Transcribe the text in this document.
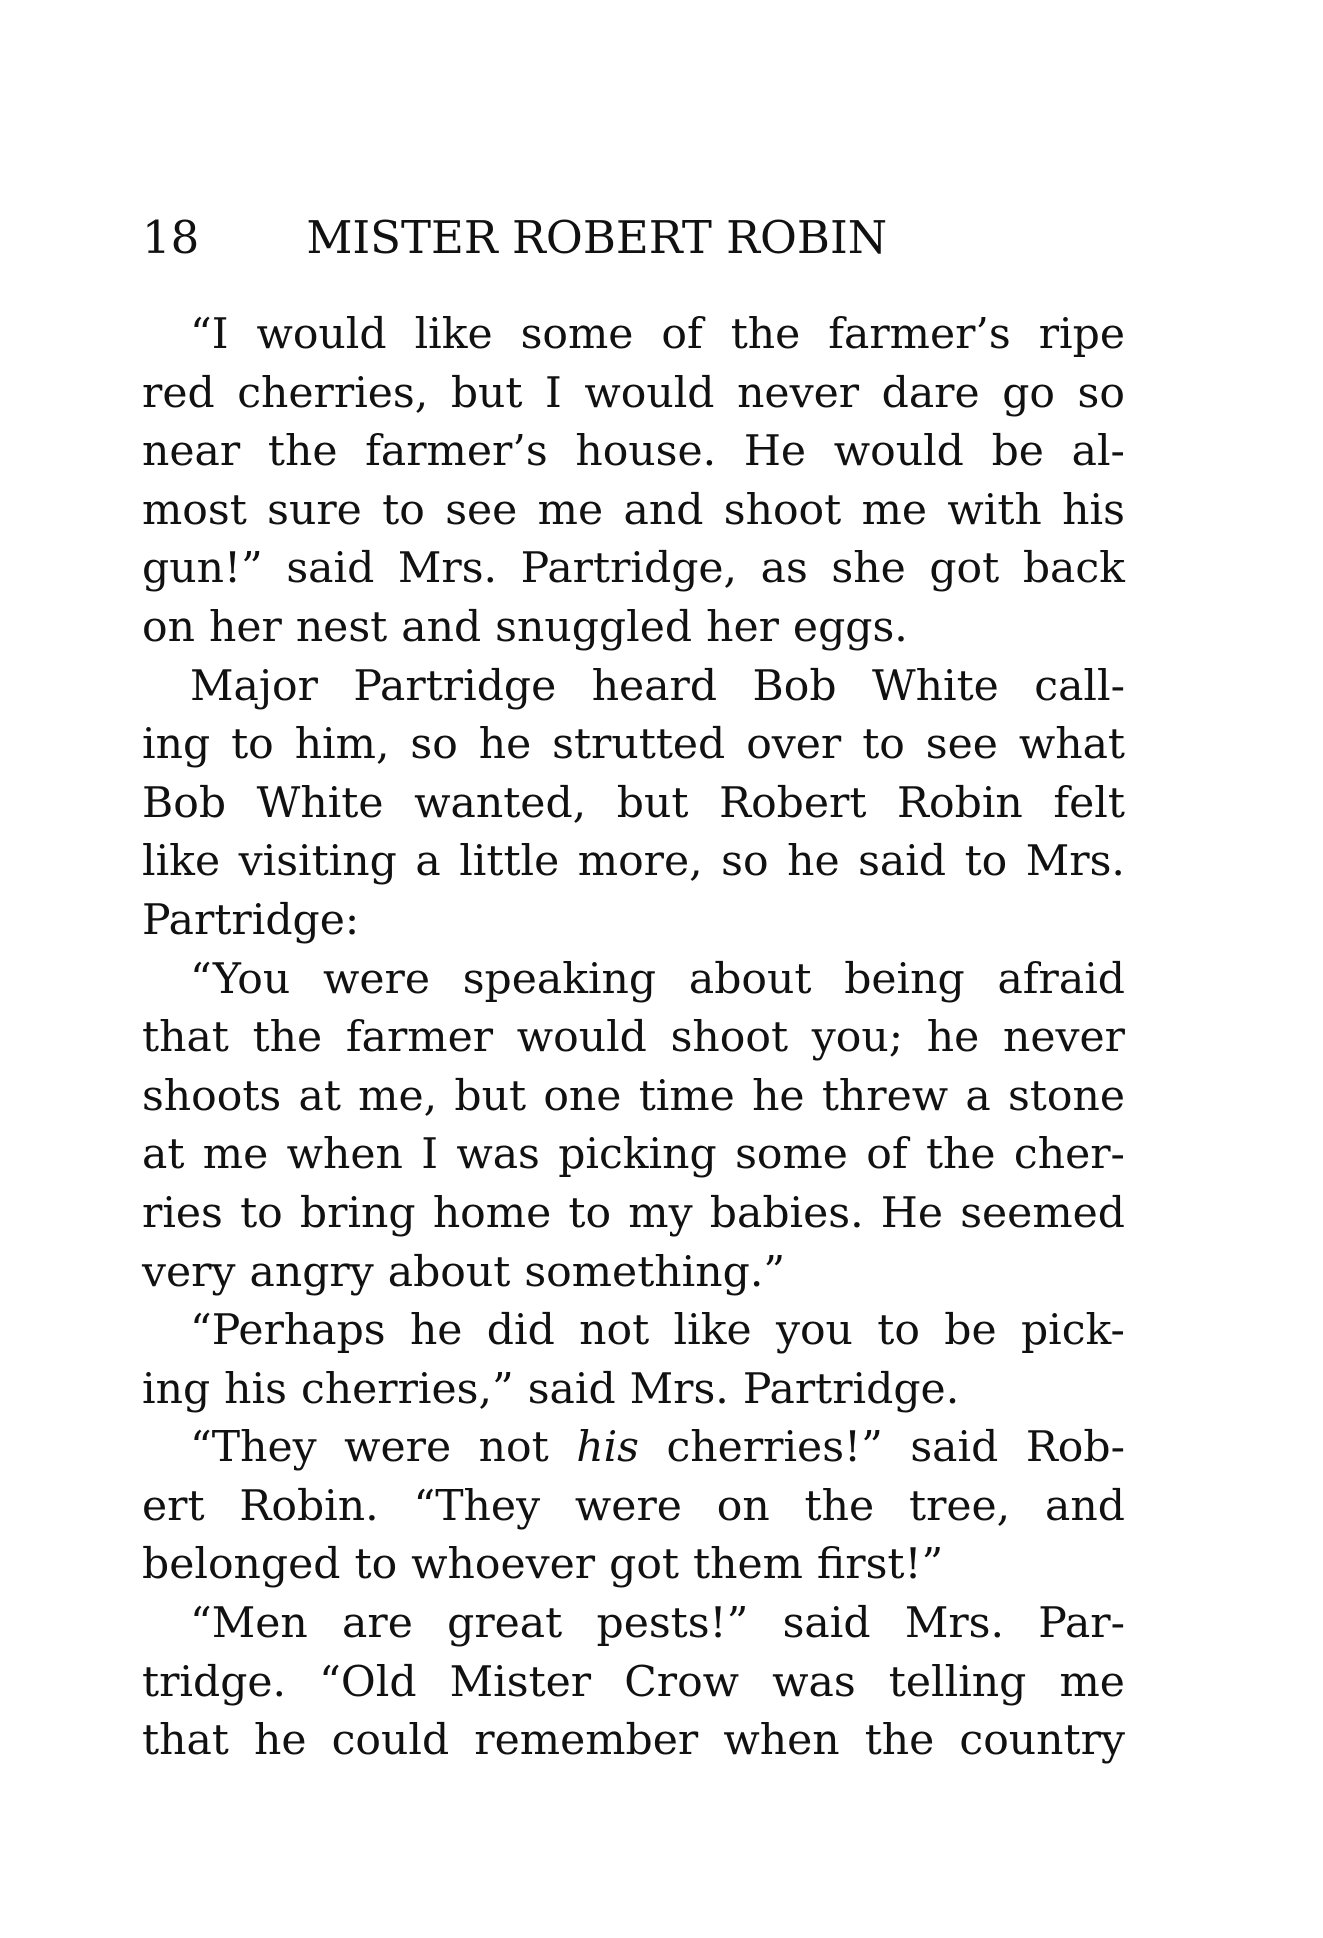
18 MISTER ROBERT ROBIN
“I would like some of the farmer’s ripe
red cherries, but I would never dare go so
near the farmer’s house. He would be al-
most sure to see me and shoot me with his
gun!” said Mrs. Partridge, as she got back
on her nest and snuggled her eggs.
Major Partridge heard Bob White call-
ing to him, so he strutted over to see what
Bob White wanted, but Robert Robin felt
like visiting a little more, so he said to Mrs.
Partridge:
“You were speaking about being afraid
that the farmer would shoot you; he never
shoots at me, but one time he threw a stone
at me when I was picking some of the cher-
ries to bring home to my babies. He seemed
very angry about something.”
“Perhaps he did not like you to be pick-
ing his cherries,” said Mrs. Partridge.
“They were not his cherries!” said Rob-
ert Robin. “They were on the tree, and
belonged to whoever got them first!”
“Men are great pests!” said Mrs. Par-
tridge. “Old Mister Crow was telling me
that he could remember when the country
